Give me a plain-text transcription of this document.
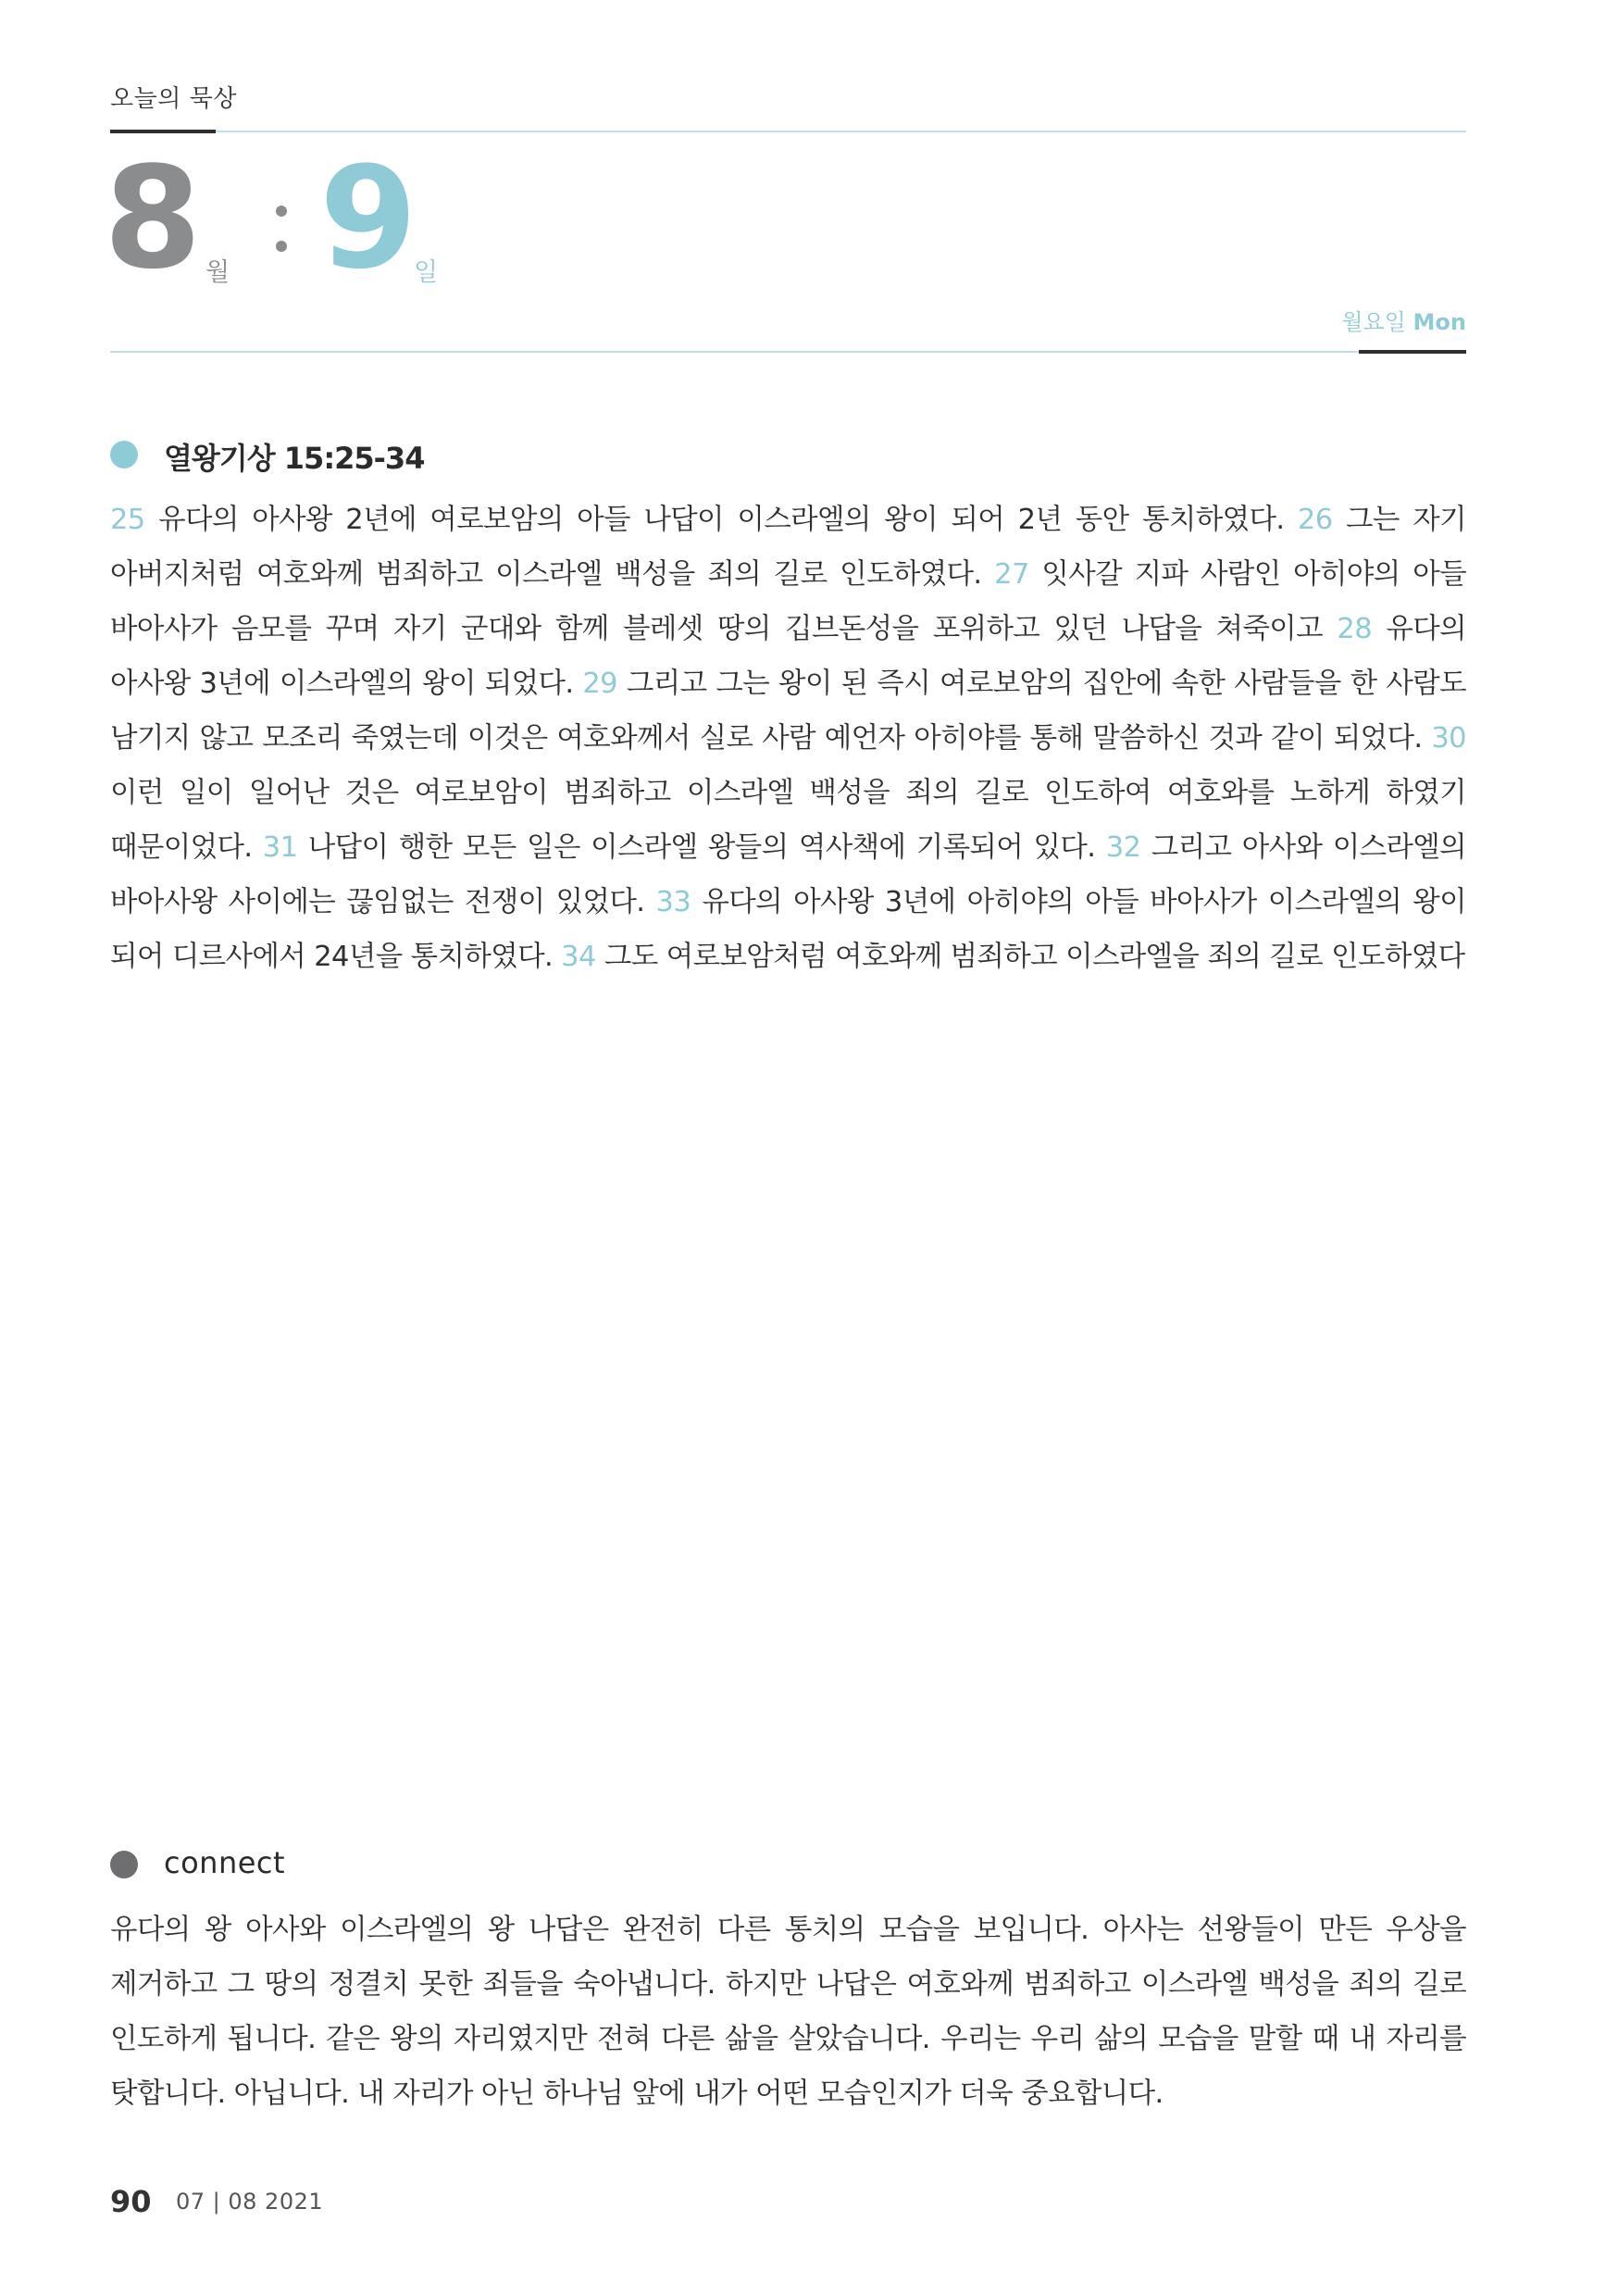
오늘의 묵상
8 월 9
일
월요일 Mon
열왕기상 15:25-34
25 유다의 아사왕 2년에 여로보암의 아들 나답이 이스라엘의 왕이 되어 2년 동안 통치하였다. 26 그는 자기 아버지처럼 여호와께 범죄하고 이스라엘 백성을 죄의 길로 인도하였다. 27 잇사갈 지파 사람인 아히야의 아들 바아사가 음모를 꾸며 자기 군대와 함께 블레셋 땅의 깁브돈성을 포위하고 있던 나답을 쳐죽이고 28 유다의 아사왕 3년에 이스라엘의 왕이 되었다. 29 그리고 그는 왕이 된 즉시 여로보암의 집안에 속한 사람들을 한 사람도 남기지 않고 모조리 죽였는데 이것은 여호와께서 실로 사람 예언자 아히야를 통해 말씀하신 것과 같이 되었다. 30 이런 일이 일어난 것은 여로보암이 범죄하고 이스라엘 백성을 죄의 길로 인도하여 여호와를 노하게 하였기 때문이었다. 31 나답이 행한 모든 일은 이스라엘 왕들의 역사책에 기록되어 있다. 32 그리고 아사와 이스라엘의 바아사왕 사이에는 끊임없는 전쟁이 있었다. 33 유다의 아사왕 3년에 아히야의 아들 바아사가 이스라엘의 왕이 되어 디르사에서 24년을 통치하였다. 34 그도 여로보암처럼 여호와께 범죄하고 이스라엘을 죄의 길로 인도하였다
connect
유다의 왕 아사와 이스라엘의 왕 나답은 완전히 다른 통치의 모습을 보입니다. 아사는 선왕들이 만든 우상을 제거하고 그 땅의 정결치 못한 죄들을 숙아냅니다. 하지만 나답은 여호와께 범죄하고 이스라엘 백성을 죄의 길로 인도하게 됩니다. 같은 왕의 자리였지만 전혀 다른 삶을 살았습니다. 우리는 우리 삶의 모습을 말할 때 내 자리를 탓합니다. 아닙니다. 내 자리가 아닌 하나님 앞에 내가 어떤 모습인지가 더욱 중요합니다.
90 07 | 08 2021
